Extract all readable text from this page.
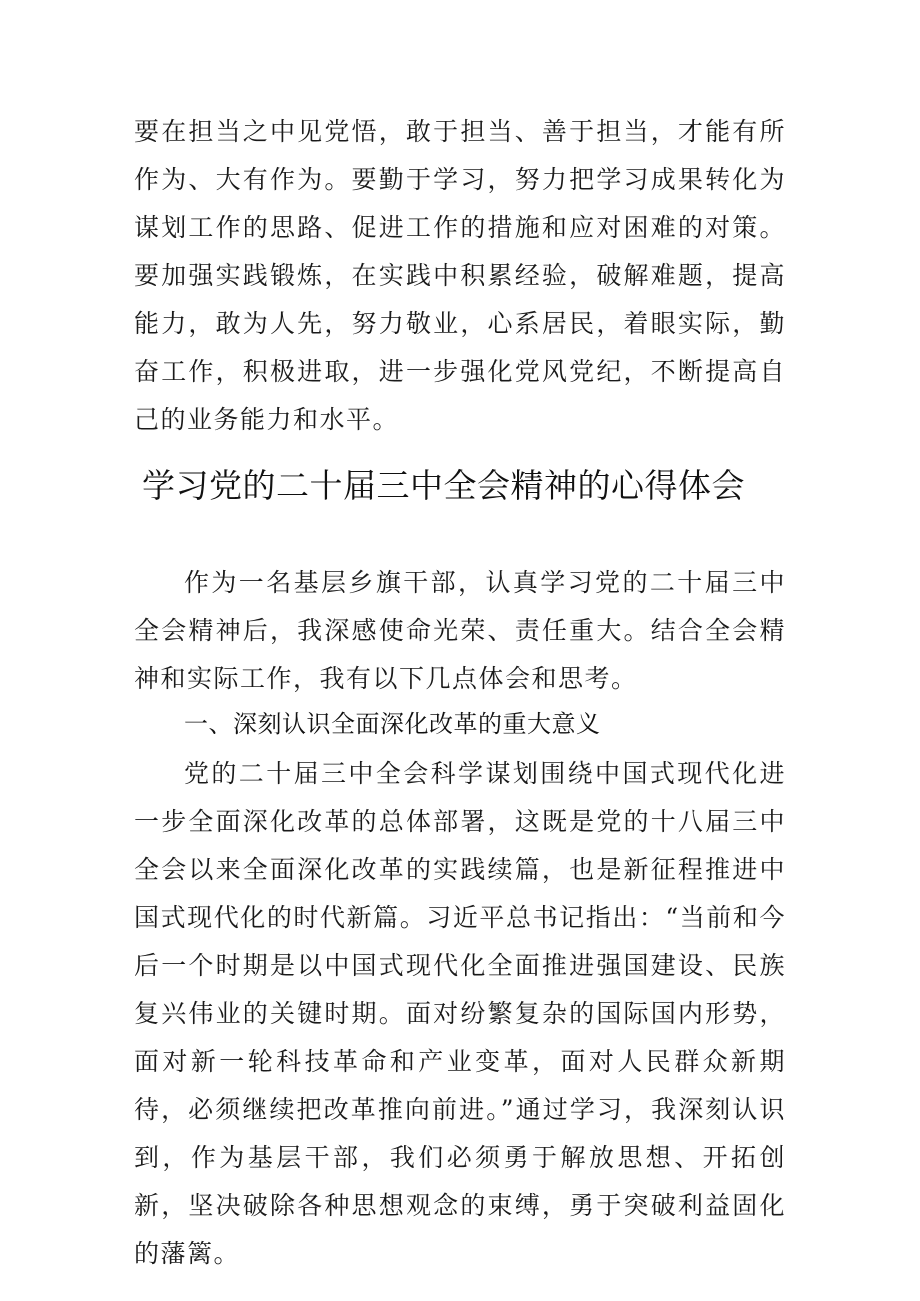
要在担当之中见党悟，敢于担当、善于担当，才能有所作为、大有作为。要勤于学习，努力把学习成果转化为谋划工作的思路、促进工作的措施和应对困难的对策。要加强实践锻炼，在实践中积累经验，破解难题，提高能力，敢为人先，努力敬业，心系居民，着眼实际，勤奋工作，积极进取，进一步强化党风党纪，不断提高自己的业务能力和水平。

学习党的二十届三中全会精神的心得体会

作为一名基层乡旗干部，认真学习党的二十届三中全会精神后，我深感使命光荣、责任重大。结合全会精神和实际工作，我有以下几点体会和思考。

一、深刻认识全面深化改革的重大意义

党的二十届三中全会科学谋划围绕中国式现代化进一步全面深化改革的总体部署，这既是党的十八届三中全会以来全面深化改革的实践续篇，也是新征程推进中国式现代化的时代新篇。习近平总书记指出：“当前和今后一个时期是以中国式现代化全面推进强国建设、民族复兴伟业的关键时期。面对纷繁复杂的国际国内形势，面对新一轮科技革命和产业变革，面对人民群众新期待，必须继续把改革推向前进。”通过学习，我深刻认识到，作为基层干部，我们必须勇于解放思想、开拓创新，坚决破除各种思想观念的束缚，勇于突破利益固化的藩篱。
